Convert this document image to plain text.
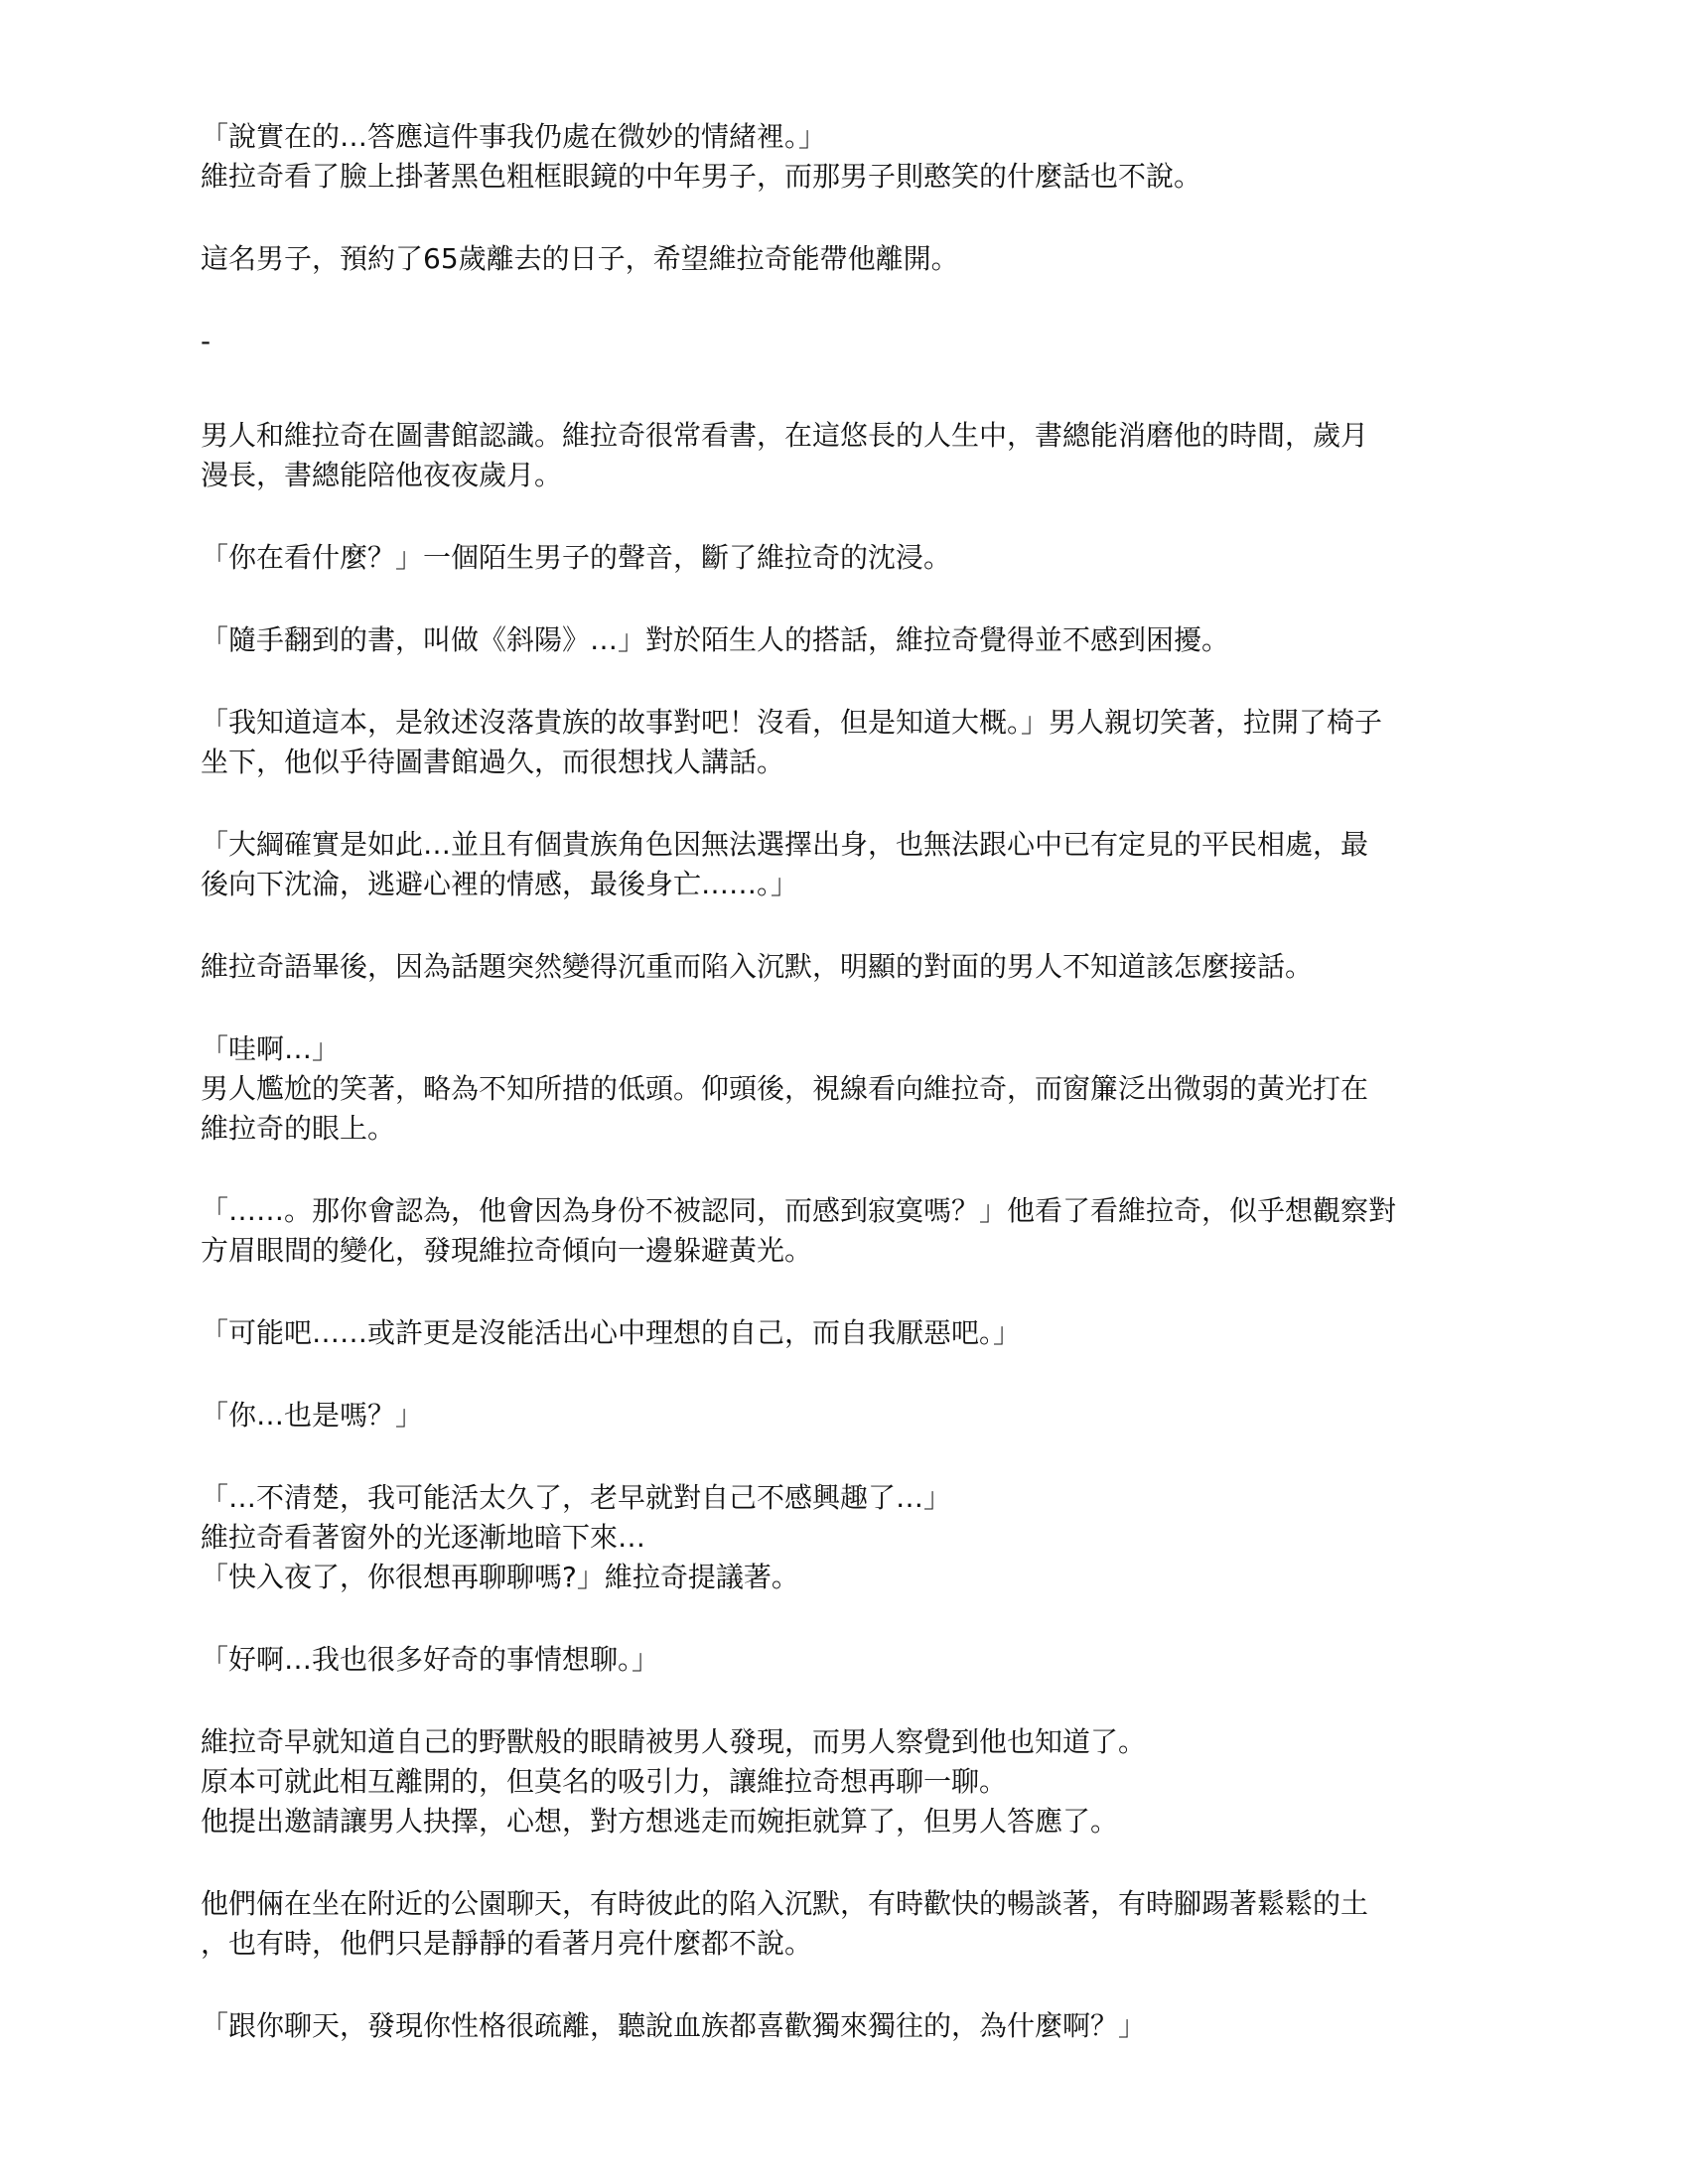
「說實在的…答應這件事我仍處在微妙的情緒裡。」
維拉奇看了臉上掛著黑色粗框眼鏡的中年男子，而那男子則憨笑的什麼話也不說。
這名男子，預約了65歲離去的日子，希望維拉奇能帶他離開。
-
男人和維拉奇在圖書館認識。維拉奇很常看書，在這悠長的人生中，書總能消磨他的時間，歲月
漫長，書總能陪他夜夜歲月。
「你在看什麼？」一個陌生男子的聲音，斷了維拉奇的沈浸。
「隨手翻到的書，叫做《斜陽》…」對於陌生人的搭話，維拉奇覺得並不感到困擾。
「我知道這本，是敘述沒落貴族的故事對吧！沒看，但是知道大概。」男人親切笑著，拉開了椅子
坐下，他似乎待圖書館過久，而很想找人講話。
「大綱確實是如此…並且有個貴族角色因無法選擇出身，也無法跟心中已有定見的平民相處，最
後向下沈淪，逃避心裡的情感，最後身亡……。」
維拉奇語畢後，因為話題突然變得沉重而陷入沉默，明顯的對面的男人不知道該怎麼接話。
「哇啊…」
男人尷尬的笑著，略為不知所措的低頭。仰頭後，視線看向維拉奇，而窗簾泛出微弱的黃光打在
維拉奇的眼上。
「……。那你會認為，他會因為身份不被認同，而感到寂寞嗎？」他看了看維拉奇，似乎想觀察對
方眉眼間的變化，發現維拉奇傾向一邊躲避黃光。
「可能吧……或許更是沒能活出心中理想的自己，而自我厭惡吧。」
「你…也是嗎？」
「…不清楚，我可能活太久了，老早就對自己不感興趣了…」
維拉奇看著窗外的光逐漸地暗下來…
「快入夜了，你很想再聊聊嗎?」維拉奇提議著。
「好啊…我也很多好奇的事情想聊。」
維拉奇早就知道自己的野獸般的眼睛被男人發現，而男人察覺到他也知道了。
原本可就此相互離開的，但莫名的吸引力，讓維拉奇想再聊一聊。
他提出邀請讓男人抉擇，心想，對方想逃走而婉拒就算了，但男人答應了。
他們倆在坐在附近的公園聊天，有時彼此的陷入沉默，有時歡快的暢談著，有時腳踢著鬆鬆的土
，也有時，他們只是靜靜的看著月亮什麼都不說。
「跟你聊天，發現你性格很疏離，聽說血族都喜歡獨來獨往的，為什麼啊？」
